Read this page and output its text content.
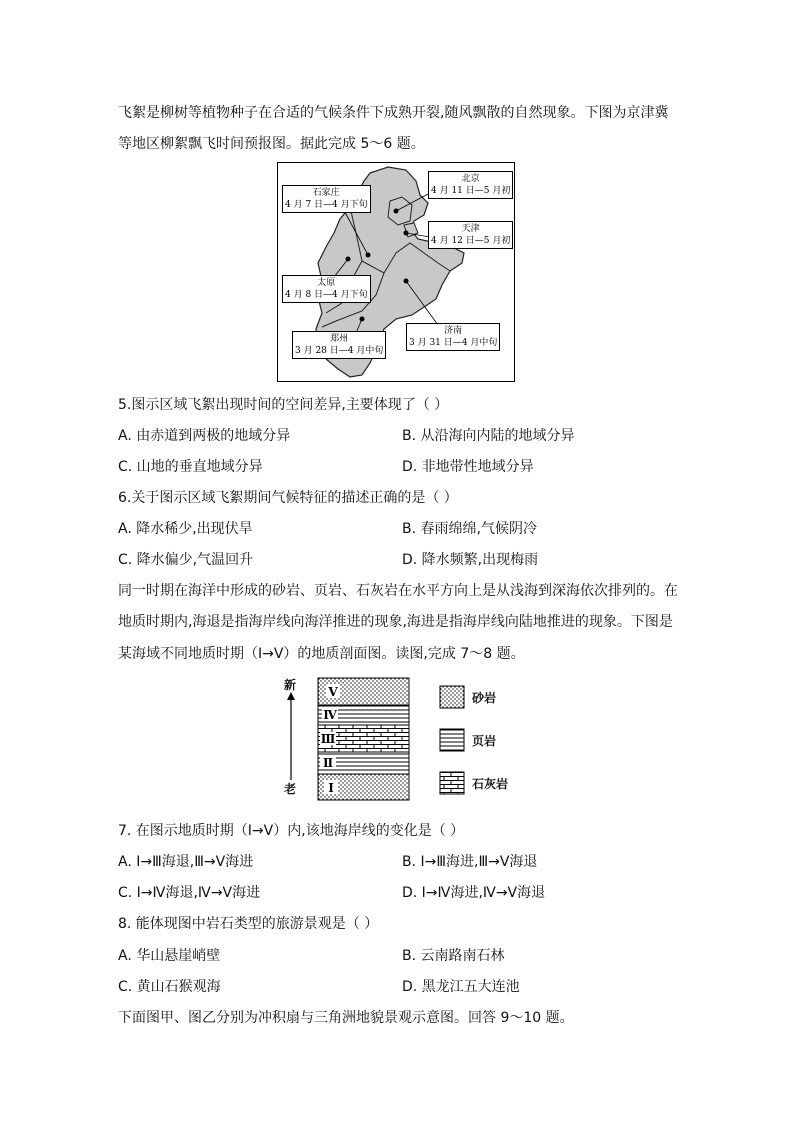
飞絮是柳树等植物种子在合适的气候条件下成熟开裂,随风飘散的自然现象。下图为京津冀
等地区柳絮飘飞时间预报图。据此完成 5～6 题。
北京
4 月 11 日—5 月初
石家庄
4 月 7 日—4 月下旬
天津
4 月 12 日—5 月初
太原
4 月 8 日—4 月下旬
济南
3 月 31 日—4 月中旬
郑州
3 月 28 日—4 月中旬
5.图示区域飞絮出现时间的空间差异,主要体现了（ ）
A. 由赤道到两极的地域分异	B. 从沿海向内陆的地域分异
C. 山地的垂直地域分异	D. 非地带性地域分异
6.关于图示区域飞絮期间气候特征的描述正确的是（ ）
A. 降水稀少,出现伏旱	B. 春雨绵绵,气候阴冷
C. 降水偏少,气温回升	D. 降水频繁,出现梅雨
同一时期在海洋中形成的砂岩、页岩、石灰岩在水平方向上是从浅海到深海依次排列的。在
地质时期内,海退是指海岸线向海洋推进的现象,海进是指海岸线向陆地推进的现象。下图是
某海域不同地质时期（Ⅰ→Ⅴ）的地质剖面图。读图,完成 7～8 题。
Ⅴ
Ⅳ
Ⅲ
Ⅱ
Ⅰ
新
老
砂岩
页岩
石灰岩
7. 在图示地质时期（Ⅰ→Ⅴ）内,该地海岸线的变化是（ ）
A. Ⅰ→Ⅲ海退,Ⅲ→Ⅴ海进	B. Ⅰ→Ⅲ海进,Ⅲ→Ⅴ海退
C. Ⅰ→Ⅳ海退,Ⅳ→Ⅴ海进	D. Ⅰ→Ⅳ海进,Ⅳ→Ⅴ海退
8. 能体现图中岩石类型的旅游景观是（ ）
A. 华山悬崖峭壁	B. 云南路南石林
C. 黄山石猴观海	D. 黑龙江五大连池
下面图甲、图乙分别为冲积扇与三角洲地貌景观示意图。回答 9～10 题。
